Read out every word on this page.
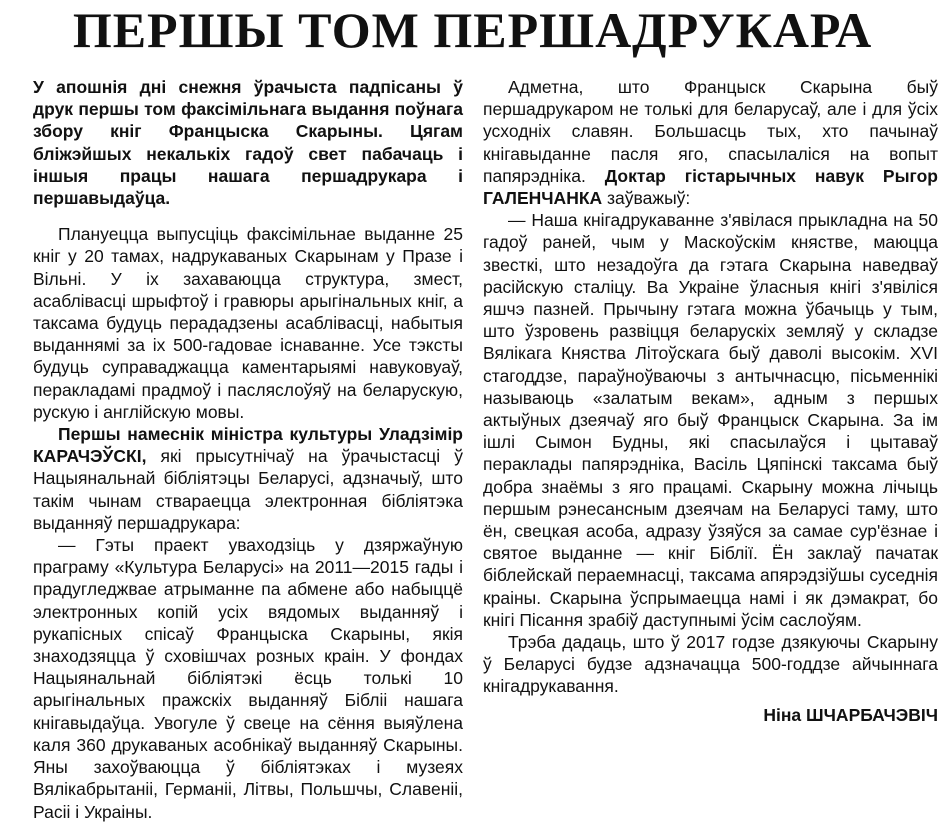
ПЕРШЫ ТОМ ПЕРШАДРУКАРА

У апошнія дні снежня ўрачыста падпісаны ў друк першы том факсімільнага выдання поўнага збору кніг Францыска Скарыны. Цягам бліжэйшых некалькіх гадоў свет пабачаць і іншыя працы нашага першадрукара і першавыдаўца.

Плануецца выпусціць факсімільнае выданне 25 кніг у 20 тамах, надрукаваных Скарынам у Празе і Вільні. У іх захаваюцца структура, змест, асаблівасці шрыфтоў і гравюры арыгінальных кніг, а таксама будуць перададзены асаблівасці, набытыя выданнямі за іх 500-гадовае існаванне. Усе тэксты будуць суправаджацца каментарыямі навуковуаў, перакладамі прадмоў і пасляслоўяў на беларускую, рускую і англійскую мовы.

Першы намеснік міністра культуры Уладзімір КАРАЧЭЎСКІ, які прысутнічаў на ўрачыстасці ў Нацыянальнай бібліятэцы Беларусі, адзначыў, што такім чынам ствараецца электронная бібліятэка выданняў першадрукара:

— Гэты праект уваходзіць у дзяржаўную праграму «Культура Беларусі» на 2011—2015 гады і прадугледжвае атрыманне па абмене або набыццё электронных копій усіх вядомых выданняў і рукапісных спісаў Францыска Скарыны, якія знаходзяцца ў сховішчах розных краін. У фондах Нацыянальнай бібліятэкі ёсць толькі 10 арыгінальных пражскіх выданняў Бібліі нашага кнігавыдаўца. Увогуле ў свеце на сёння выяўлена каля 360 друкаваных асобнікаў выданняў Скарыны. Яны захоўваюцца ў бібліятэках і музеях Вялікабрытаніі, Германіі, Літвы, Польшчы, Славеніі, Расіі і Украіны.

Адметна, што Францыск Скарына быў першадрукаром не толькі для беларусаў, але і для ўсіх усходніх славян. Большасць тых, хто пачынаў кнігавыданне пасля яго, спасылаліся на вопыт папярэдніка. Доктар гістарычных навук Рыгор ГАЛЕНЧАНКА заўважыў:

— Наша кнігадрукаванне з'явілася прыкладна на 50 гадоў раней, чым у Маскоўскім княстве, маюцца звесткі, што незадоўга да гэтага Скарына наведваў расійскую сталіцу. Ва Украіне ўласныя кнігі з'явіліся яшчэ пазней. Прычыну гэтага можна ўбачыць у тым, што ўзровень развіцця беларускіх земляў у складзе Вялікага Княства Літоўскага быў даволі высокім. XVI стагоддзе, параўноўваючы з антычнасцю, пісьменнікі называюць «залатым векам», адным з першых актыўных дзеячаў яго быў Францыск Скарына. За ім ішлі Сымон Будны, які спасылаўся і цытаваў пераклады папярэдніка, Васіль Цяпінскі таксама быў добра знаёмы з яго працамі. Скарыну можна лічыць першым рэнесансным дзеячам на Беларусі таму, што ён, свецкая асоба, адразу ўзяўся за самае сур'ёзнае і святое выданне — кніг Біблії. Ён заклаў пачатак біблейскай пераемнасці, таксама апярэдзіўшы суседнія краіны. Скарына ўспрымаецца намі і як дэмакрат, бо кнігі Пісання зрабіў даступнымі ўсім саслоўям.

Трэба дадаць, што ў 2017 годзе дзякуючы Скарыну ў Беларусі будзе адзначацца 500-годдзе айчыннага кнігадрукавання.

Ніна ШЧАРБАЧЭВІЧ
